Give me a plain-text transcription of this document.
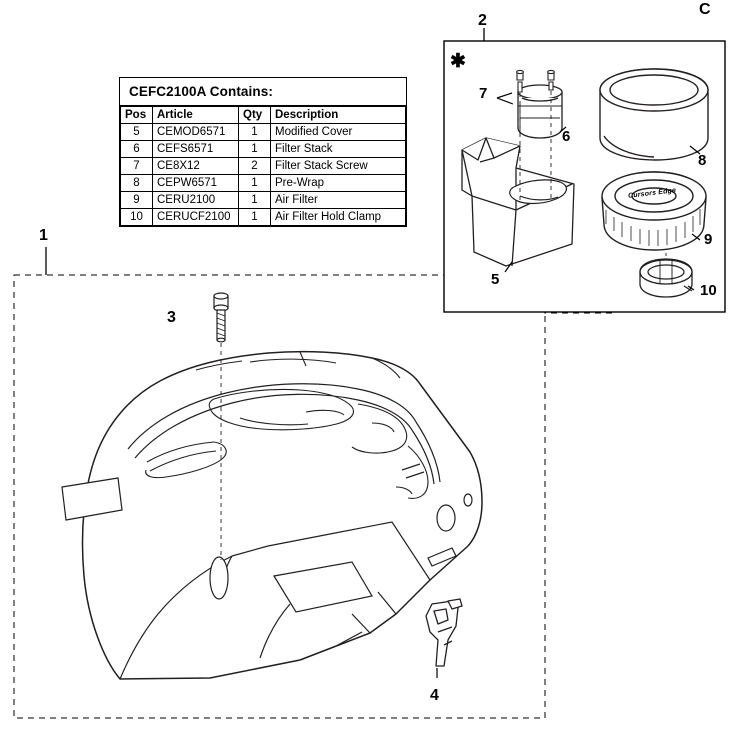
CEFC2100A Contains:
Pos	Article	Qty	Description
5	CEMOD6571	1	Modified Cover
6	CEFS6571	1	Filter Stack
7	CE8X12	2	Filter Stack Screw
8	CEPW6571	1	Pre-Wrap
9	CERU2100	1	Air Filter
10	CERUCF2100	1	Air Filter Hold Clamp
C
2
✱
7
6
8
9
10
5
1
3
4
Cursors Edge
